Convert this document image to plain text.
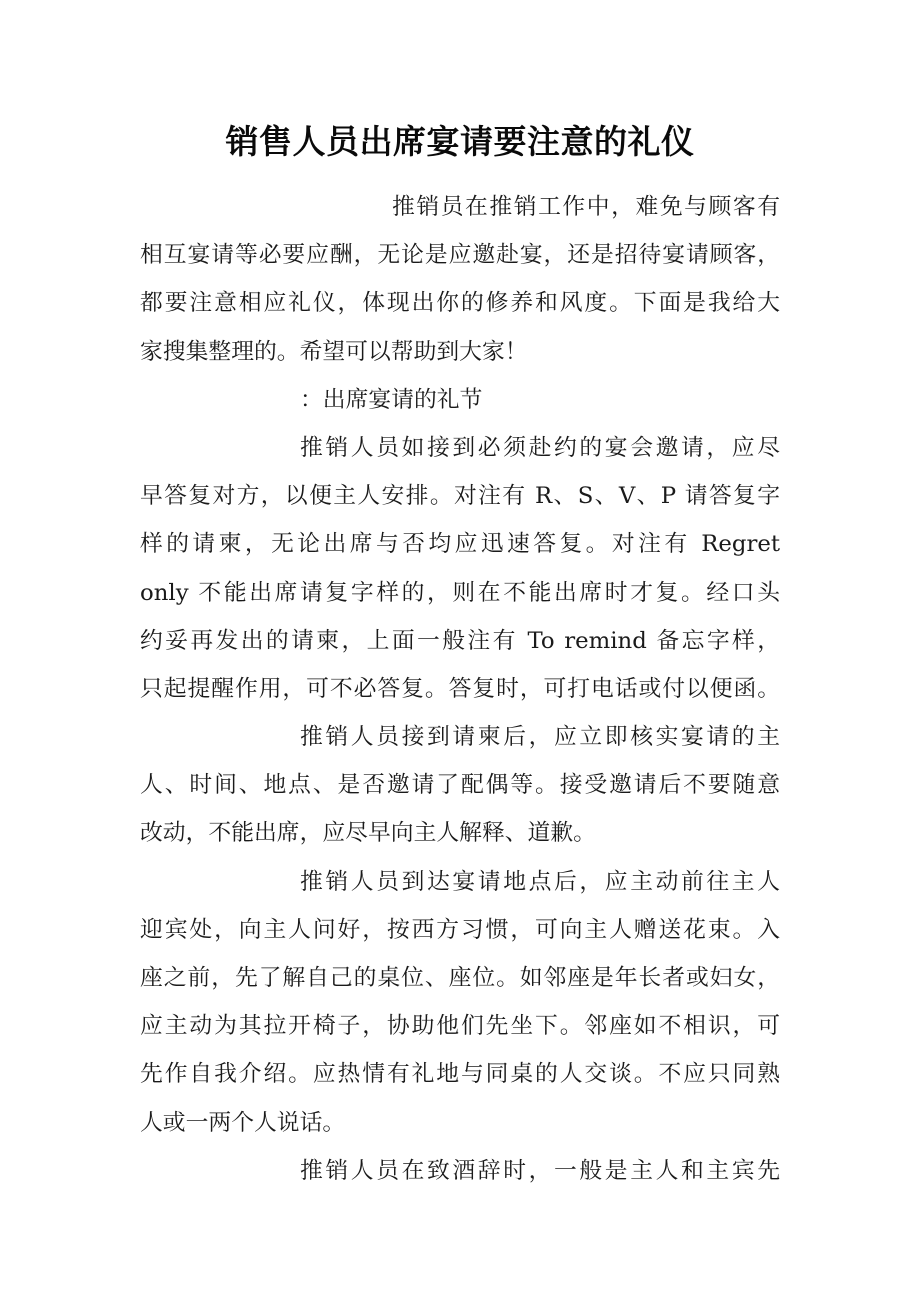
销售人员出席宴请要注意的礼仪
推销员在推销工作中，难免与顾客有
相互宴请等必要应酬，无论是应邀赴宴，还是招待宴请顾客，
都要注意相应礼仪，体现出你的修养和风度。下面是我给大
家搜集整理的。希望可以帮助到大家！
：出席宴请的礼节
推销人员如接到必须赴约的宴会邀请，应尽
早答复对方，以便主人安排。对注有 R、S、V、P 请答复字
样的请柬，无论出席与否均应迅速答复。对注有 Regret
only 不能出席请复字样的，则在不能出席时才复。经口头
约妥再发出的请柬，上面一般注有 To remind 备忘字样，
只起提醒作用，可不必答复。答复时，可打电话或付以便函。
推销人员接到请柬后，应立即核实宴请的主
人、时间、地点、是否邀请了配偶等。接受邀请后不要随意
改动，不能出席，应尽早向主人解释、道歉。
推销人员到达宴请地点后，应主动前往主人
迎宾处，向主人问好，按西方习惯，可向主人赠送花束。入
座之前，先了解自己的桌位、座位。如邻座是年长者或妇女，
应主动为其拉开椅子，协助他们先坐下。邻座如不相识，可
先作自我介绍。应热情有礼地与同桌的人交谈。不应只同熟
人或一两个人说话。
推销人员在致酒辞时，一般是主人和主宾先
